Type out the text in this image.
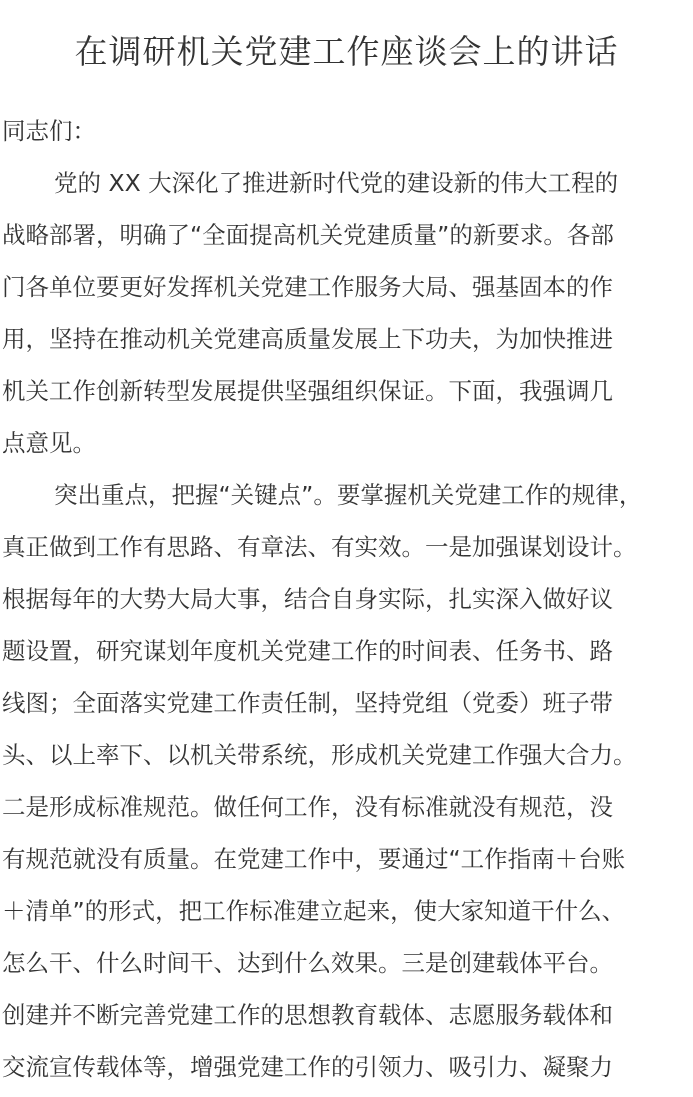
在调研机关党建工作座谈会上的讲话
同志们：
党的 XX 大深化了推进新时代党的建设新的伟大工程的
战略部署，明确了“全面提高机关党建质量”的新要求。各部
门各单位要更好发挥机关党建工作服务大局、强基固本的作
用，坚持在推动机关党建高质量发展上下功夫，为加快推进
机关工作创新转型发展提供坚强组织保证。下面，我强调几
点意见。
突出重点，把握“关键点”。要掌握机关党建工作的规律，
真正做到工作有思路、有章法、有实效。一是加强谋划设计。
根据每年的大势大局大事，结合自身实际，扎实深入做好议
题设置，研究谋划年度机关党建工作的时间表、任务书、路
线图；全面落实党建工作责任制，坚持党组（党委）班子带
头、以上率下、以机关带系统，形成机关党建工作强大合力。
二是形成标准规范。做任何工作，没有标准就没有规范，没
有规范就没有质量。在党建工作中，要通过“工作指南＋台账
＋清单”的形式，把工作标准建立起来，使大家知道干什么、
怎么干、什么时间干、达到什么效果。三是创建载体平台。
创建并不断完善党建工作的思想教育载体、志愿服务载体和
交流宣传载体等，增强党建工作的引领力、吸引力、凝聚力
